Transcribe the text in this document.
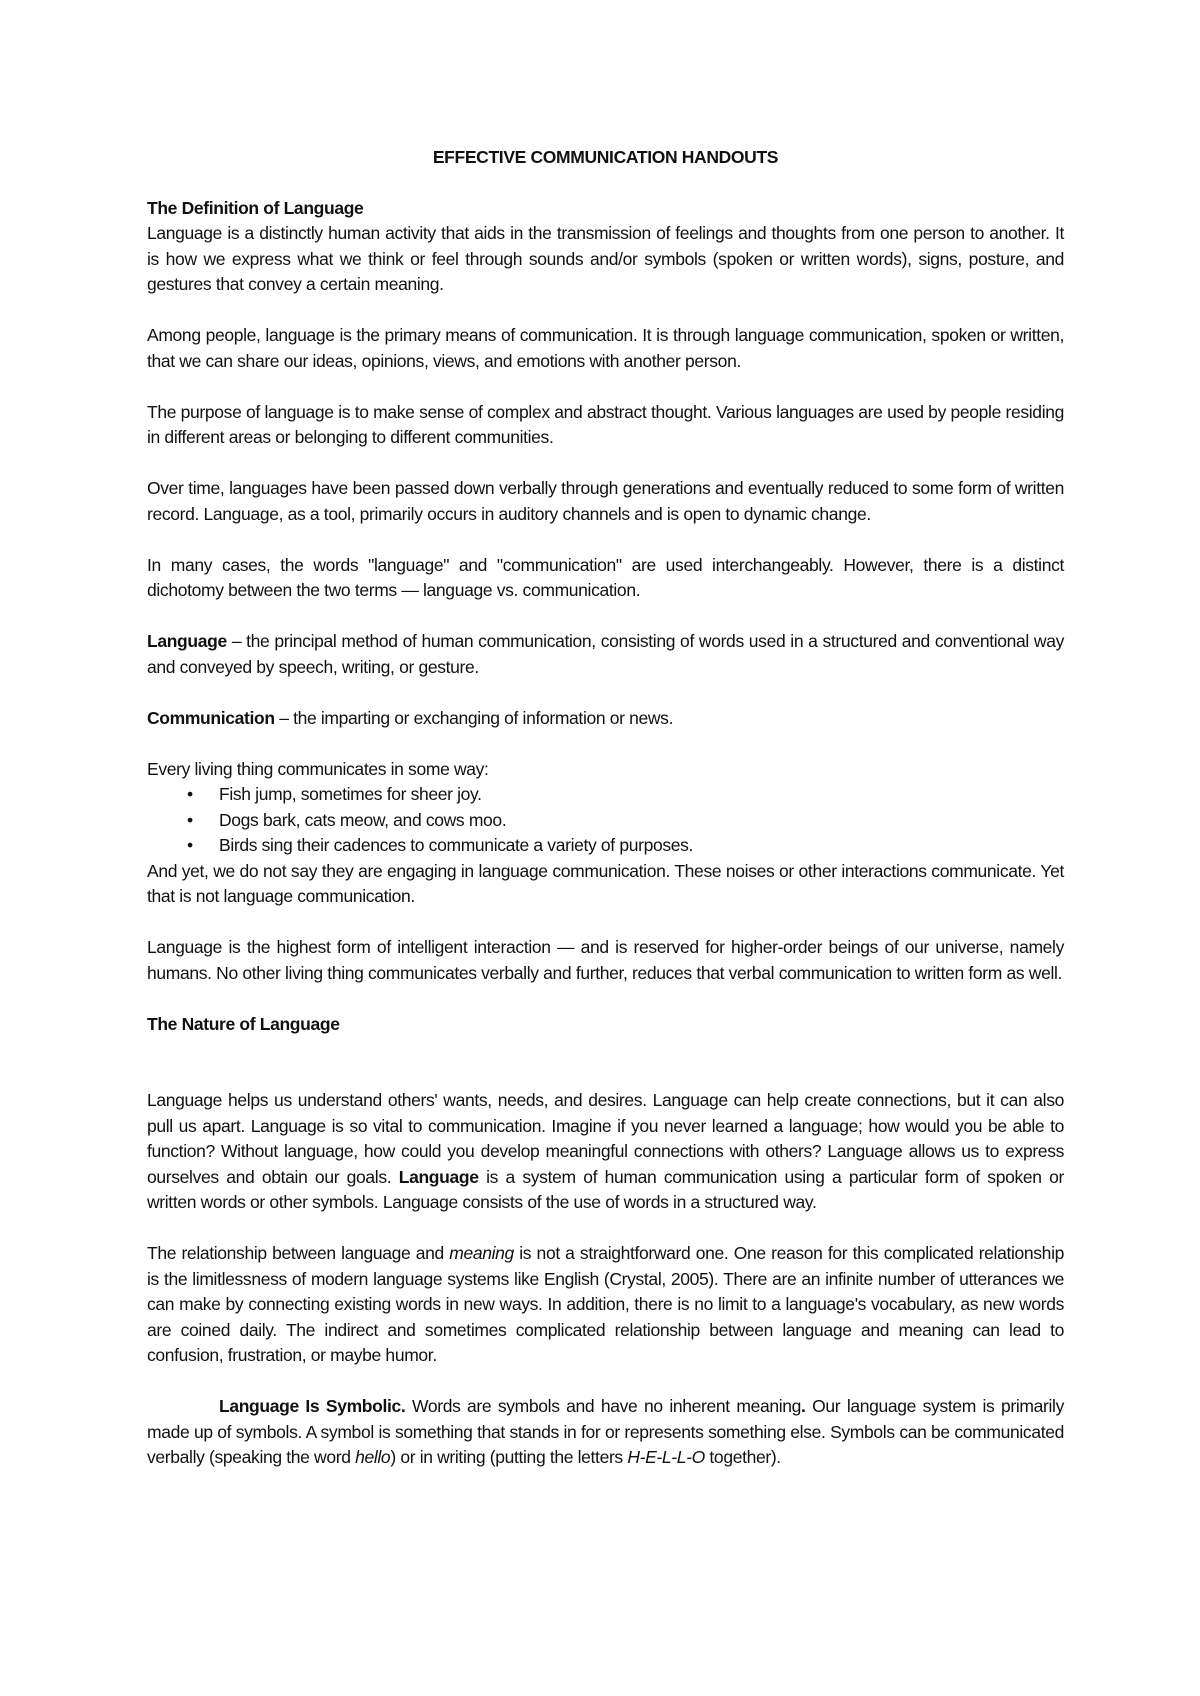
EFFECTIVE COMMUNICATION HANDOUTS
The Definition of Language

Language is a distinctly human activity that aids in the transmission of feelings and thoughts from one person to another. It is how we express what we think or feel through sounds and/or symbols (spoken or written words), signs, posture, and gestures that convey a certain meaning.

Among people, language is the primary means of communication. It is through language communication, spoken or written, that we can share our ideas, opinions, views, and emotions with another person.

The purpose of language is to make sense of complex and abstract thought. Various languages are used by people residing in different areas or belonging to different communities.

Over time, languages have been passed down verbally through generations and eventually reduced to some form of written record. Language, as a tool, primarily occurs in auditory channels and is open to dynamic change.

In many cases, the words "language" and "communication" are used interchangeably. However, there is a distinct dichotomy between the two terms — language vs. communication.

Language – the principal method of human communication, consisting of words used in a structured and conventional way and conveyed by speech, writing, or gesture.

Communication – the imparting or exchanging of information or news.

Every living thing communicates in some way:

• Fish jump, sometimes for sheer joy.
• Dogs bark, cats meow, and cows moo.
• Birds sing their cadences to communicate a variety of purposes.

And yet, we do not say they are engaging in language communication. These noises or other interactions communicate. Yet that is not language communication.

Language is the highest form of intelligent interaction — and is reserved for higher-order beings of our universe, namely humans. No other living thing communicates verbally and further, reduces that verbal communication to written form as well.

The Nature of Language

Language helps us understand others' wants, needs, and desires. Language can help create connections, but it can also pull us apart. Language is so vital to communication. Imagine if you never learned a language; how would you be able to function? Without language, how could you develop meaningful connections with others? Language allows us to express ourselves and obtain our goals. Language is a system of human communication using a particular form of spoken or written words or other symbols. Language consists of the use of words in a structured way.

The relationship between language and meaning is not a straightforward one. One reason for this complicated relationship is the limitlessness of modern language systems like English (Crystal, 2005). There are an infinite number of utterances we can make by connecting existing words in new ways. In addition, there is no limit to a language's vocabulary, as new words are coined daily. The indirect and sometimes complicated relationship between language and meaning can lead to confusion, frustration, or maybe humor.

Language Is Symbolic. Words are symbols and have no inherent meaning. Our language system is primarily made up of symbols. A symbol is something that stands in for or represents something else. Symbols can be communicated verbally (speaking the word hello) or in writing (putting the letters H-E-L-L-O together).
